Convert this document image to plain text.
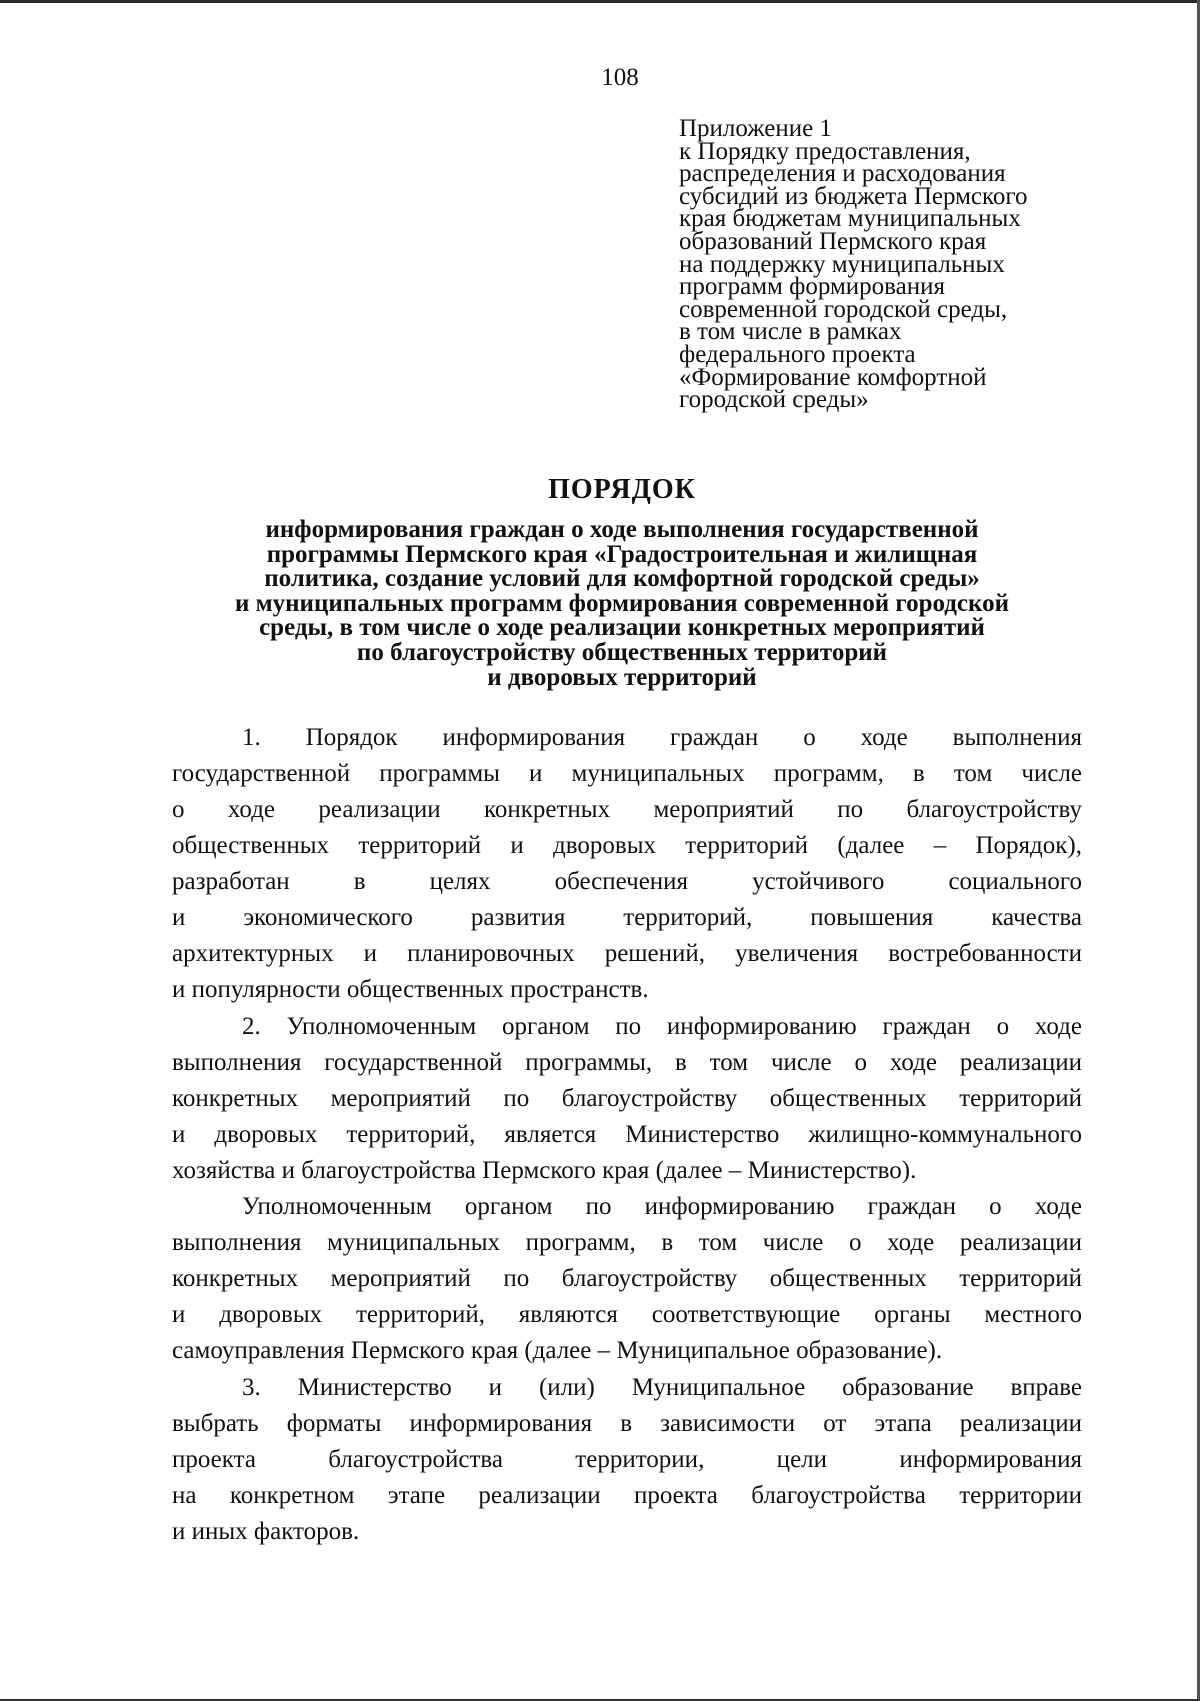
108
Приложение 1
к Порядку предоставления,
распределения и расходования
субсидий из бюджета Пермского
края бюджетам муниципальных
образований Пермского края
на поддержку муниципальных
программ формирования
современной городской среды,
в том числе в рамках
федерального проекта
«Формирование комфортной
городской среды»
ПОРЯДОК
информирования граждан о ходе выполнения государственной
программы Пермского края «Градостроительная и жилищная
политика, создание условий для комфортной городской среды»
и муниципальных программ формирования современной городской
среды, в том числе о ходе реализации конкретных мероприятий
по благоустройству общественных территорий
и дворовых территорий
1. Порядок информирования граждан о ходе выполнения
государственной программы и муниципальных программ, в том числе
о ходе реализации конкретных мероприятий по благоустройству
общественных территорий и дворовых территорий (далее – Порядок),
разработан в целях обеспечения устойчивого социального
и экономического развития территорий, повышения качества
архитектурных и планировочных решений, увеличения востребованности
и популярности общественных пространств.
2. Уполномоченным органом по информированию граждан о ходе
выполнения государственной программы, в том числе о ходе реализации
конкретных мероприятий по благоустройству общественных территорий
и дворовых территорий, является Министерство жилищно-коммунального
хозяйства и благоустройства Пермского края (далее – Министерство).
Уполномоченным органом по информированию граждан о ходе
выполнения муниципальных программ, в том числе о ходе реализации
конкретных мероприятий по благоустройству общественных территорий
и дворовых территорий, являются соответствующие органы местного
самоуправления Пермского края (далее – Муниципальное образование).
3. Министерство и (или) Муниципальное образование вправе
выбрать форматы информирования в зависимости от этапа реализации
проекта благоустройства территории, цели информирования
на конкретном этапе реализации проекта благоустройства территории
и иных факторов.
